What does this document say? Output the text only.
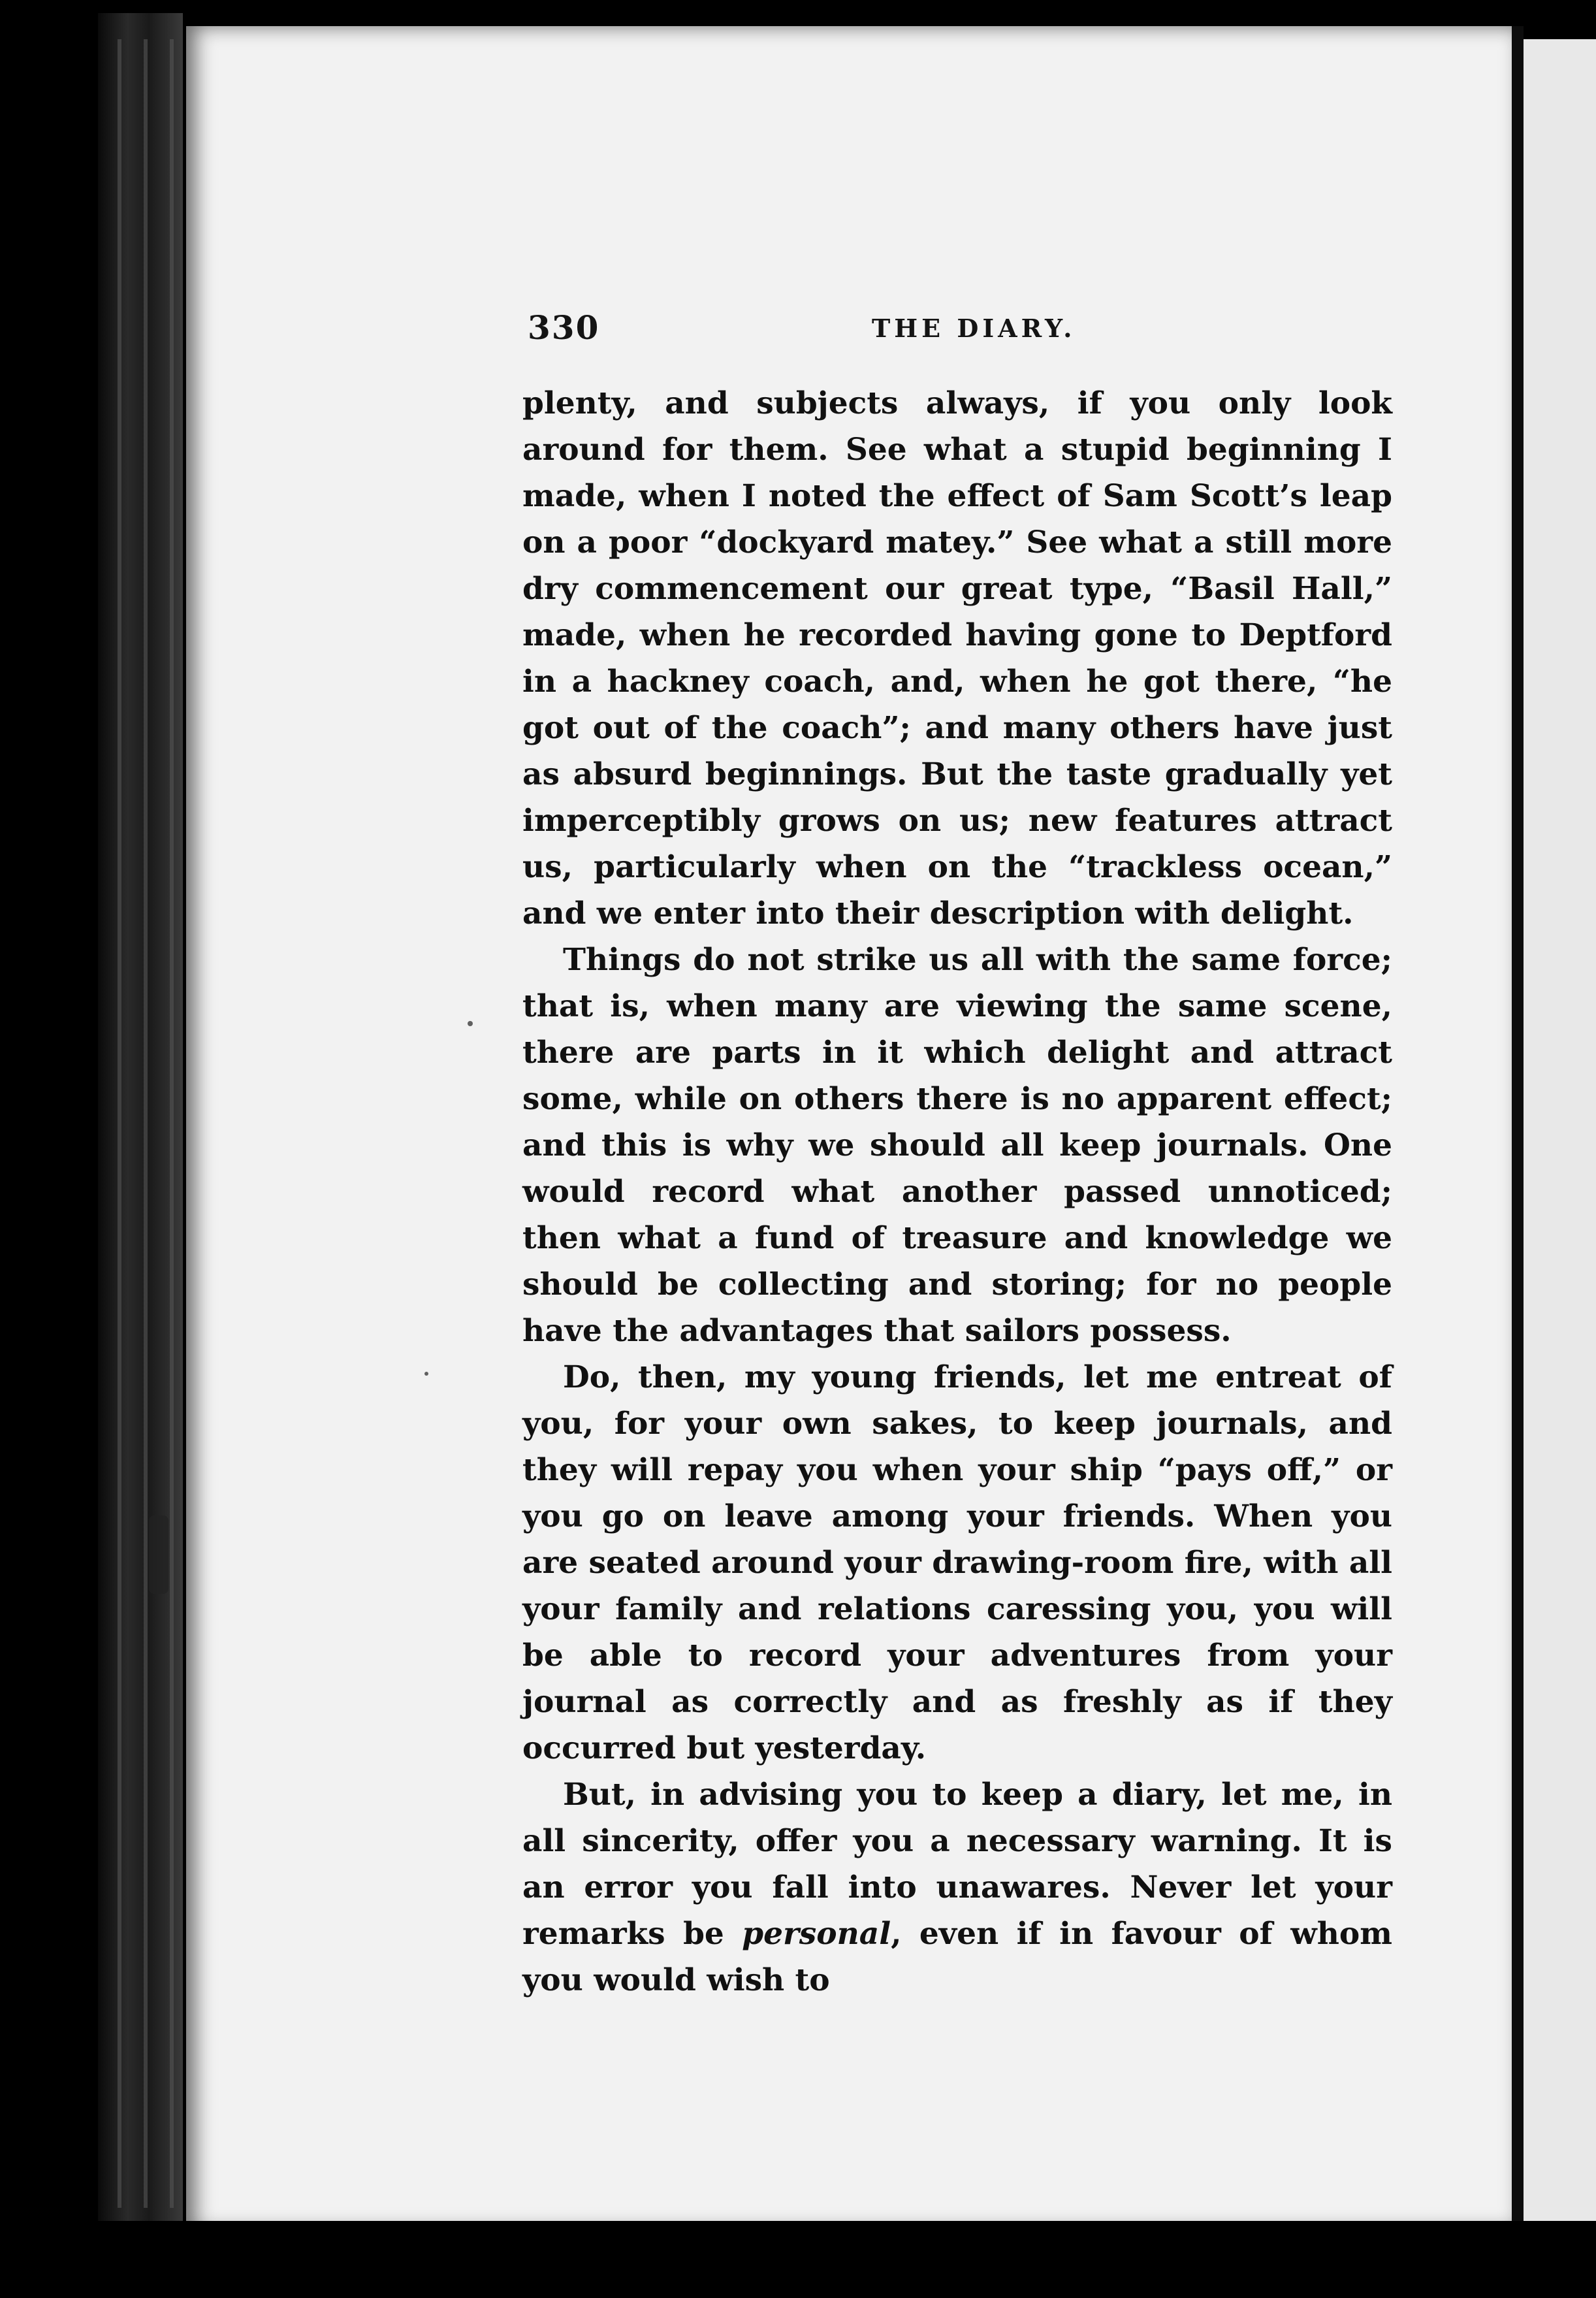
330	THE DIARY.

plenty, and subjects always, if you only look around for them. See what a stupid beginning I made, when I noted the effect of Sam Scott’s leap on a poor “dockyard matey.” See what a still more dry commencement our great type, “Basil Hall,” made, when he recorded having gone to Deptford in a hackney coach, and, when he got there, “he got out of the coach”; and many others have just as absurd beginnings. But the taste gradually yet imperceptibly grows on us; new features attract us, particularly when on the “trackless ocean,” and we enter into their description with delight.

Things do not strike us all with the same force; that is, when many are viewing the same scene, there are parts in it which delight and attract some, while on others there is no apparent effect; and this is why we should all keep journals. One would record what another passed unnoticed; then what a fund of treasure and knowledge we should be collecting and storing; for no people have the advantages that sailors possess.

Do, then, my young friends, let me entreat of you, for your own sakes, to keep journals, and they will repay you when your ship “pays off,” or you go on leave among your friends. When you are seated around your drawing-room fire, with all your family and relations caressing you, you will be able to record your adventures from your journal as correctly and as freshly as if they occurred but yesterday.

But, in advising you to keep a diary, let me, in all sincerity, offer you a necessary warning. It is an error you fall into unawares. Never let your remarks be personal, even if in favour of whom you would wish to
